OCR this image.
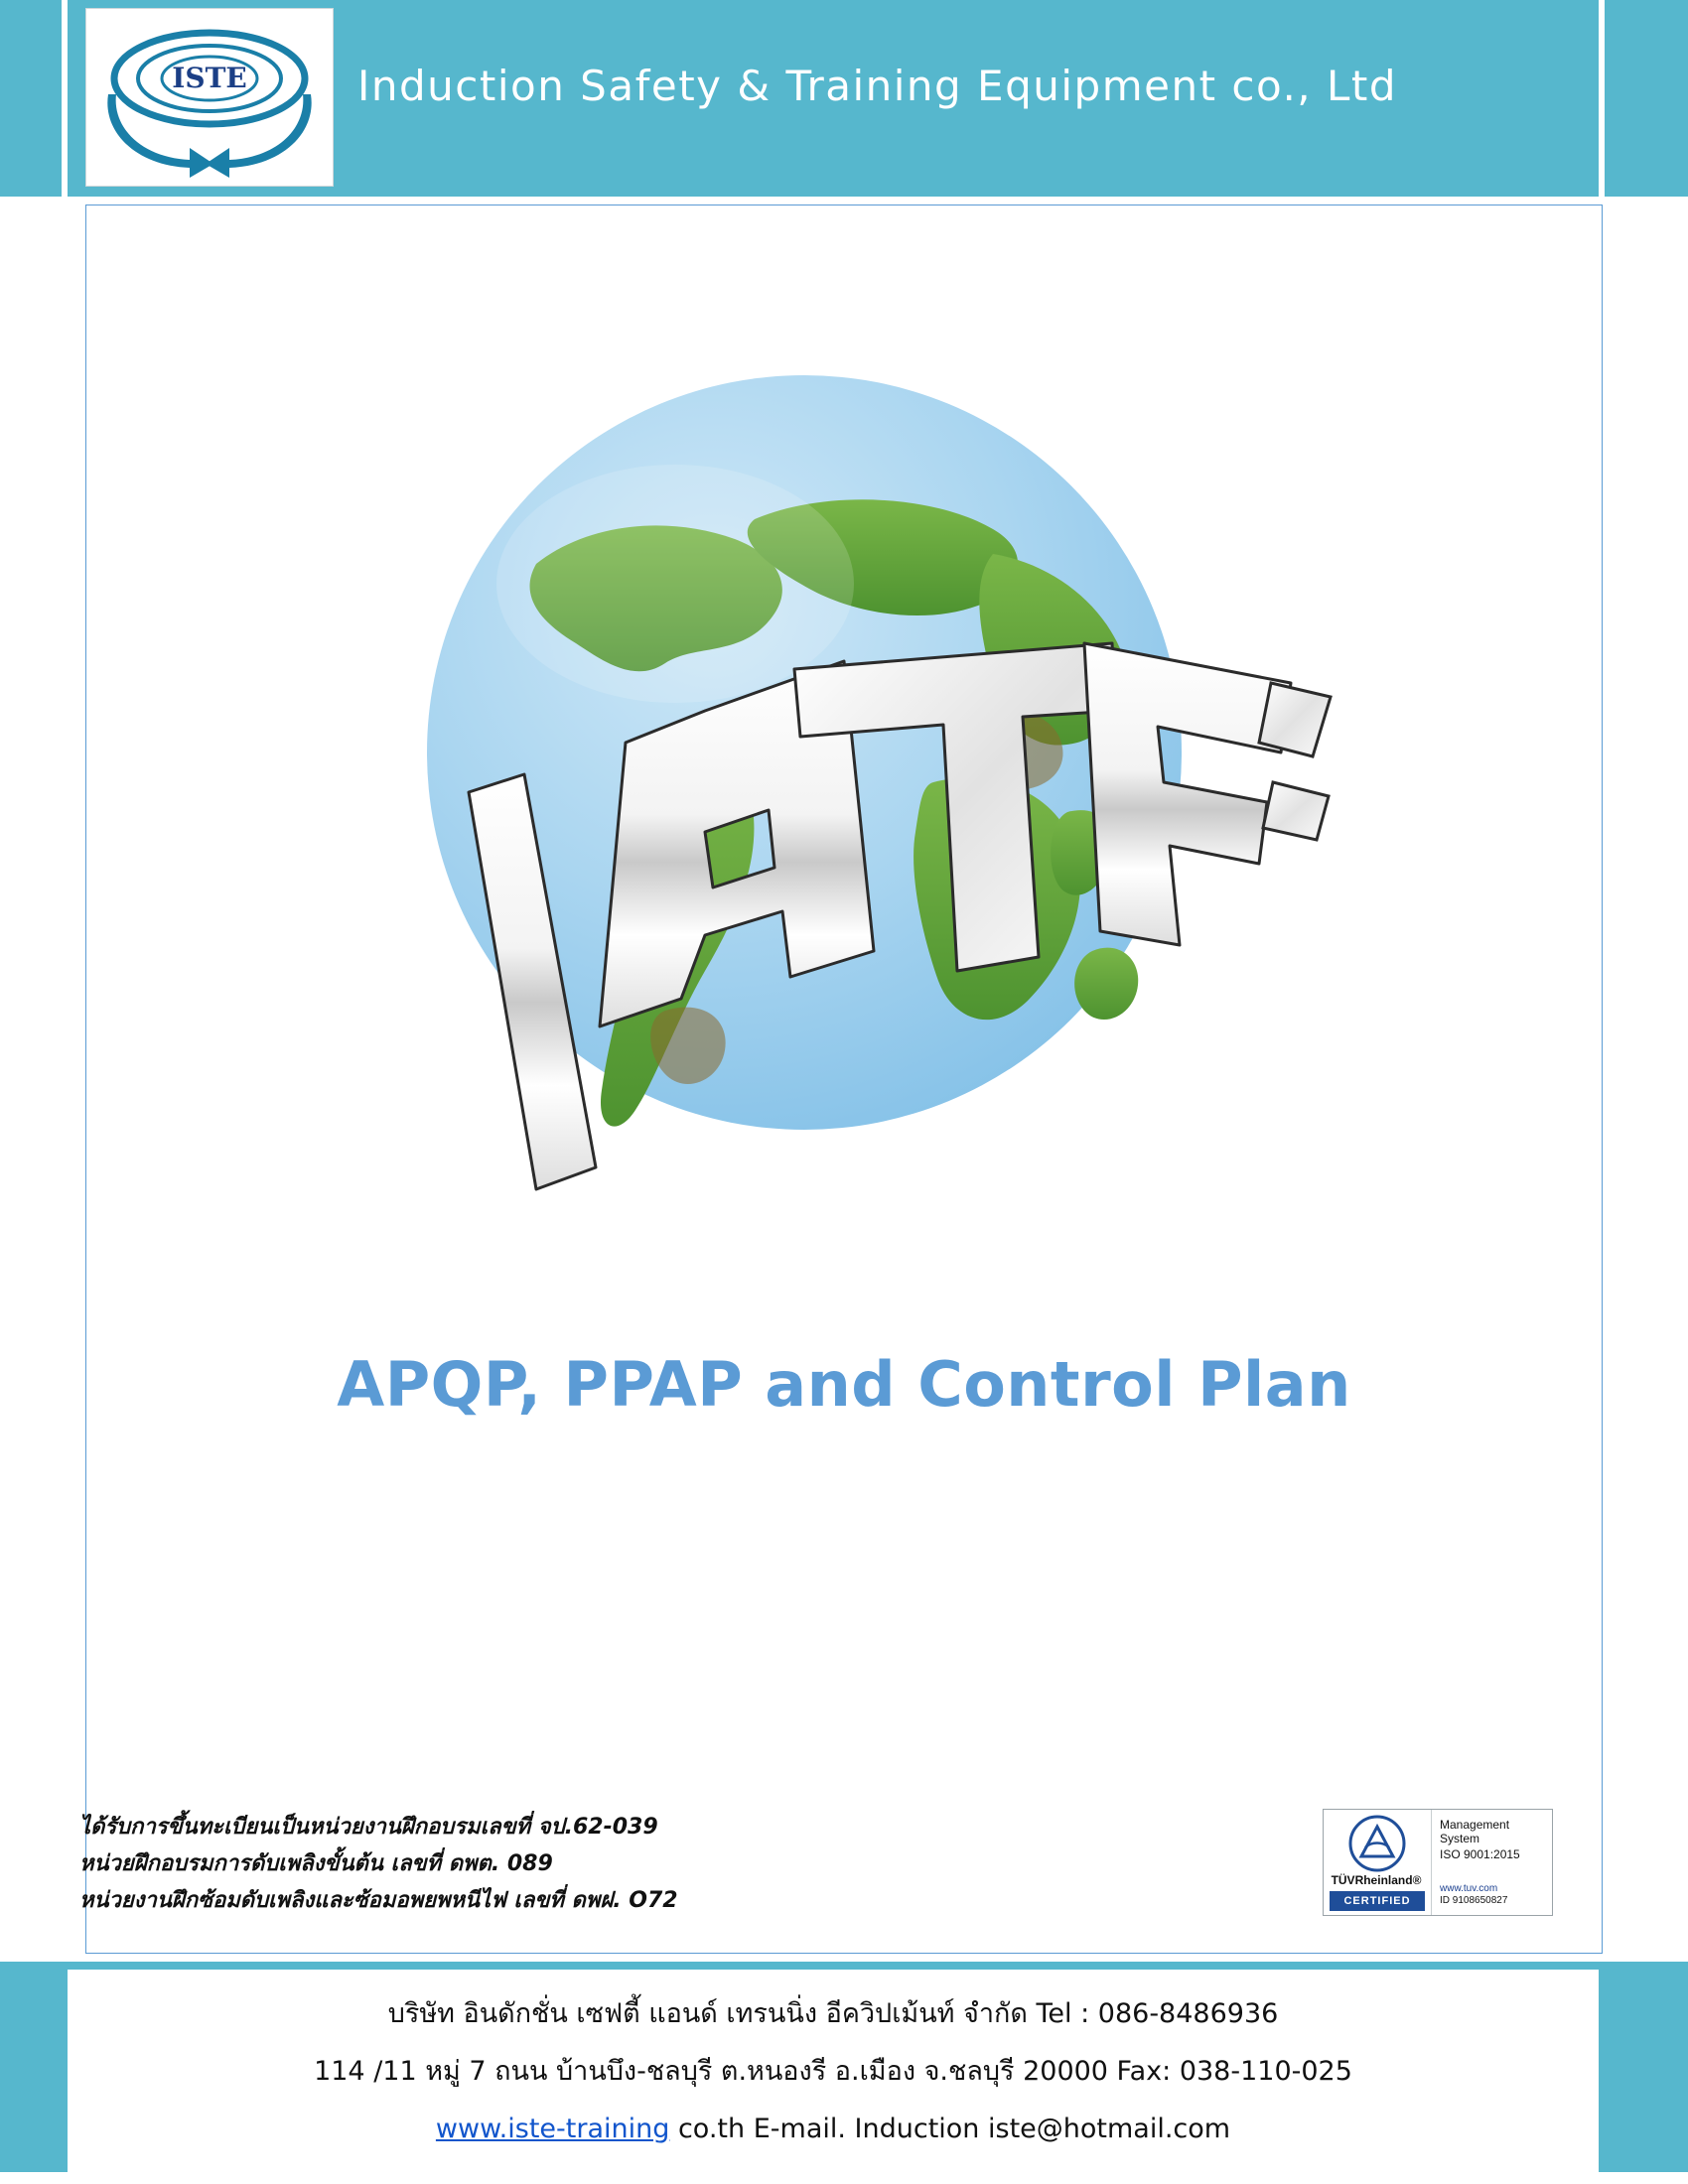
ISTE	Induction Safety & Training Equipment co., Ltd
APQP, PPAP and Control Plan
ได้รับการขึ้นทะเบียนเป็นหน่วยงานฝึกอบรมเลขที่ จป.62-039
หน่วยฝึกอบรมการดับเพลิงขั้นต้น เลขที่ ดพต. 089
หน่วยงานฝึกซ้อมดับเพลิงและซ้อมอพยพหนีไฟ เลขที่ ดพฝ. O72
TÜVRheinland®
CERTIFIED
Management
System
ISO 9001:2015
www.tuv.com
ID 9108650827
บริษัท อินดักชั่น เซฟตี้ แอนด์ เทรนนิ่ง อีควิปเม้นท์ จำกัด Tel : 086-8486936
114 /11 หมู่ 7 ถนน บ้านบึง-ชลบุรี ต.หนองรี อ.เมือง จ.ชลบุรี 20000 Fax: 038-110-025
www.iste-training co.th E-mail. Induction iste@hotmail.com
